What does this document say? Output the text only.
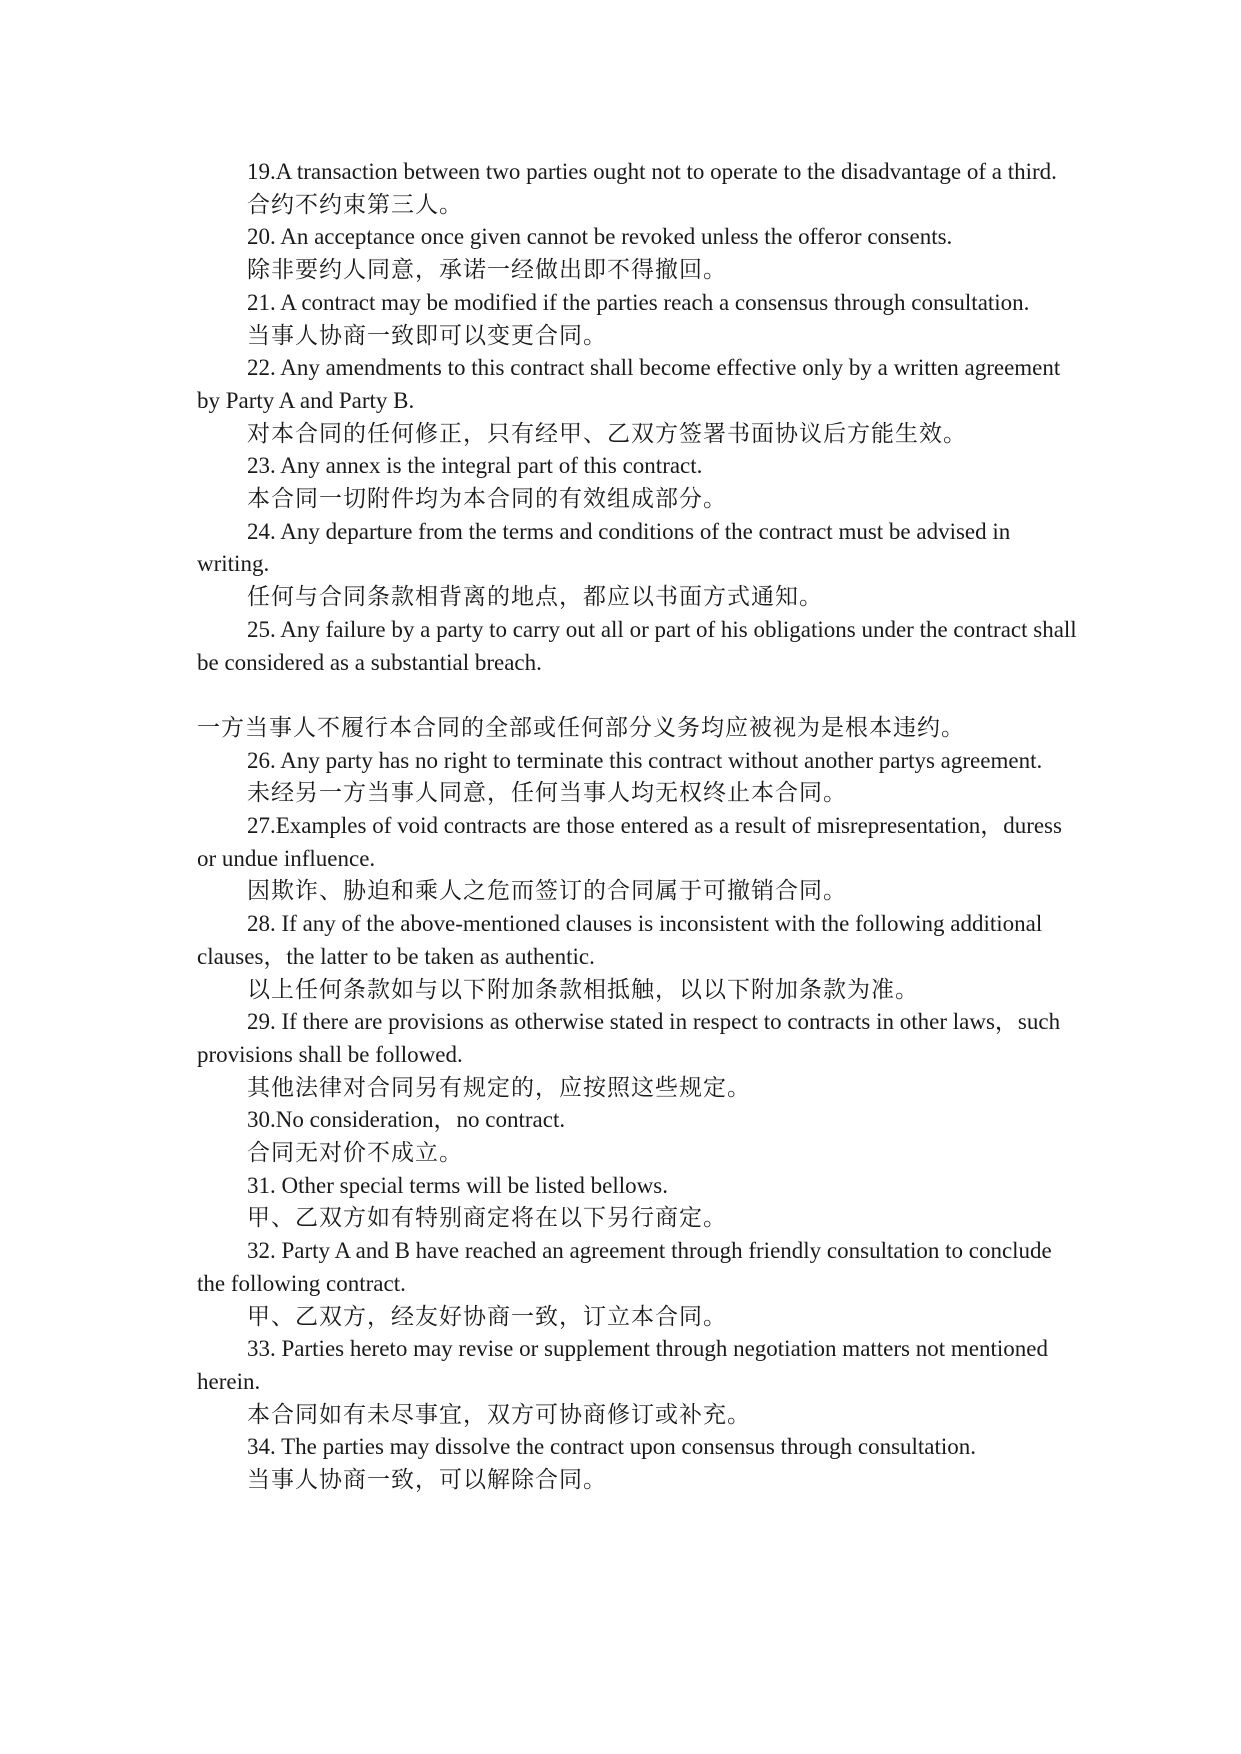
19.A transaction between two parties ought not to operate to the disadvantage of a third.

合约不约束第三人。

20. An acceptance once given cannot be revoked unless the offeror consents.

除非要约人同意，承诺一经做出即不得撤回。

21. A contract may be modified if the parties reach a consensus through consultation.

当事人协商一致即可以变更合同。

22. Any amendments to this contract shall become effective only by a written agreement by Party A and Party B.

对本合同的任何修正，只有经甲、乙双方签署书面协议后方能生效。

23. Any annex is the integral part of this contract.

本合同一切附件均为本合同的有效组成部分。

24. Any departure from the terms and conditions of the contract must be advised in writing.

任何与合同条款相背离的地点，都应以书面方式通知。

25. Any failure by a party to carry out all or part of his obligations under the contract shall be considered as a substantial breach.

一方当事人不履行本合同的全部或任何部分义务均应被视为是根本违约。

26. Any party has no right to terminate this contract without another partys agreement.

未经另一方当事人同意，任何当事人均无权终止本合同。

27.Examples of void contracts are those entered as a result of misrepresentation，duress or undue influence.

因欺诈、胁迫和乘人之危而签订的合同属于可撤销合同。

28. If any of the above-mentioned clauses is inconsistent with the following additional clauses，the latter to be taken as authentic.

以上任何条款如与以下附加条款相抵触，以以下附加条款为准。

29. If there are provisions as otherwise stated in respect to contracts in other laws，such provisions shall be followed.

其他法律对合同另有规定的，应按照这些规定。

30.No consideration，no contract.

合同无对价不成立。

31. Other special terms will be listed bellows.

甲、乙双方如有特别商定将在以下另行商定。

32. Party A and B have reached an agreement through friendly consultation to conclude the following contract.

甲、乙双方，经友好协商一致，订立本合同。

33. Parties hereto may revise or supplement through negotiation matters not mentioned herein.

本合同如有未尽事宜，双方可协商修订或补充。

34. The parties may dissolve the contract upon consensus through consultation.

当事人协商一致，可以解除合同。
